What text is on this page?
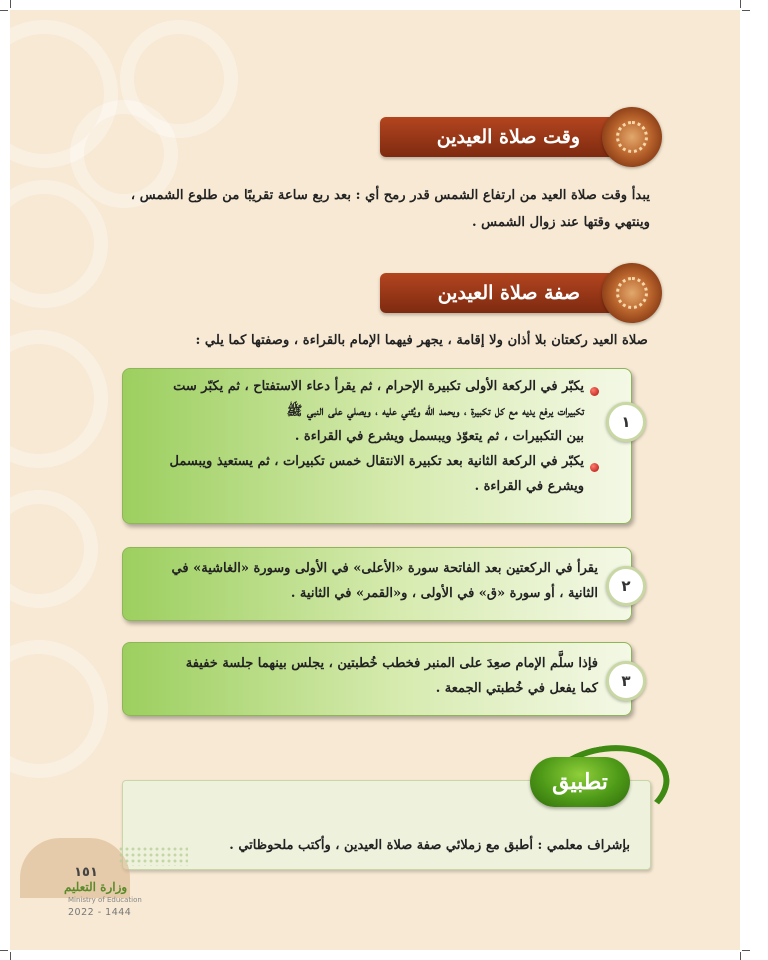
وقت صلاة العيدين
يبدأ وقت صلاة العيد من ارتفاع الشمس قدر رمح أي : بعد ربع ساعة تقريبًا من طلوع الشمس ،
وينتهي وقتها عند زوال الشمس .
صفة صلاة العيدين
صلاة العيد ركعتان بلا أذان ولا إقامة ، يجهر فيهما الإمام بالقراءة ، وصفتها كما يلي :
١
يكبّر في الركعة الأولى تكبيرة الإحرام ، ثم يقرأ دعاء الاستفتاح ، ثم يكبّر ست
تكبيرات يرفع يديه مع كل تكبيرة ، ويحمد اللّه ويُثني عليه ، ويصلي على النبي ﷺ
بين التكبيرات ، ثم يتعوّذ ويبسمل ويشرع في القراءة .
يكبّر في الركعة الثانية بعد تكبيرة الانتقال خمس تكبيرات ، ثم يستعيذ ويبسمل
ويشرع في القراءة .
٢
يقرأ في الركعتين بعد الفاتحة سورة «الأعلى» في الأولى وسورة «الغاشية» في
الثانية ، أو سورة «ق» في الأولى ، و«القمر» في الثانية .
٣
فإذا سلَّم الإمام صعِدَ على المنبر فخطب خُطبتين ، يجلس بينهما جلسة خفيفة
كما يفعل في خُطبتي الجمعة .
تطبيق
بإشراف معلمي : أطبق مع زملائي صفة صلاة العيدين ، وأكتب ملحوظاتي .
١٥١
وزارة التعليم
Ministry of Education
2022 - 1444
